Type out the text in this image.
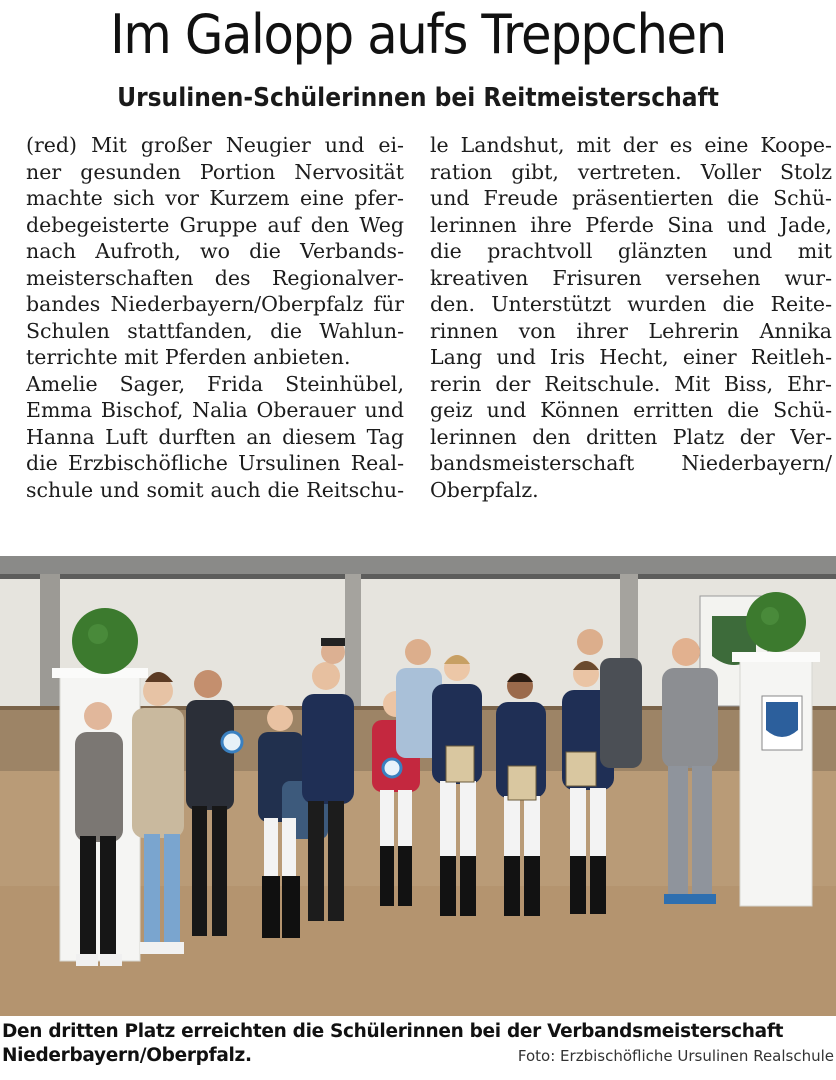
Im Galopp aufs Treppchen
Ursulinen-Schülerinnen bei Reitmeisterschaft

(red) Mit großer Neugier und ei-
ner gesunden Portion Nervosität
machte sich vor Kurzem eine pfer-
debegeisterte Gruppe auf den Weg
nach Aufroth, wo die Verbands-
meisterschaften des Regionalver-
bandes Niederbayern/Oberpfalz für
Schulen stattfanden, die Wahlun-
terrichte mit Pferden anbieten.

Amelie Sager, Frida Steinhübel,
Emma Bischof, Nalia Oberauer und
Hanna Luft durften an diesem Tag
die Erzbischöfliche Ursulinen Real-
schule und somit auch die Reitschu-

le Landshut, mit der es eine Koope-
ration gibt, vertreten. Voller Stolz
und Freude präsentierten die Schü-
lerinnen ihre Pferde Sina und Jade,
die prachtvoll glänzten und mit
kreativen Frisuren versehen wur-
den. Unterstützt wurden die Reite-
rinnen von ihrer Lehrerin Annika
Lang und Iris Hecht, einer Reitleh-
rerin der Reitschule. Mit Biss, Ehr-
geiz und Können erritten die Schü-
lerinnen den dritten Platz der Ver-
bandsmeisterschaft Niederbayern/
Oberpfalz.

Den dritten Platz erreichten die Schülerinnen bei der Verbandsmeisterschaft
Niederbayern/Oberpfalz.	Foto: Erzbischöfliche Ursulinen Realschule
